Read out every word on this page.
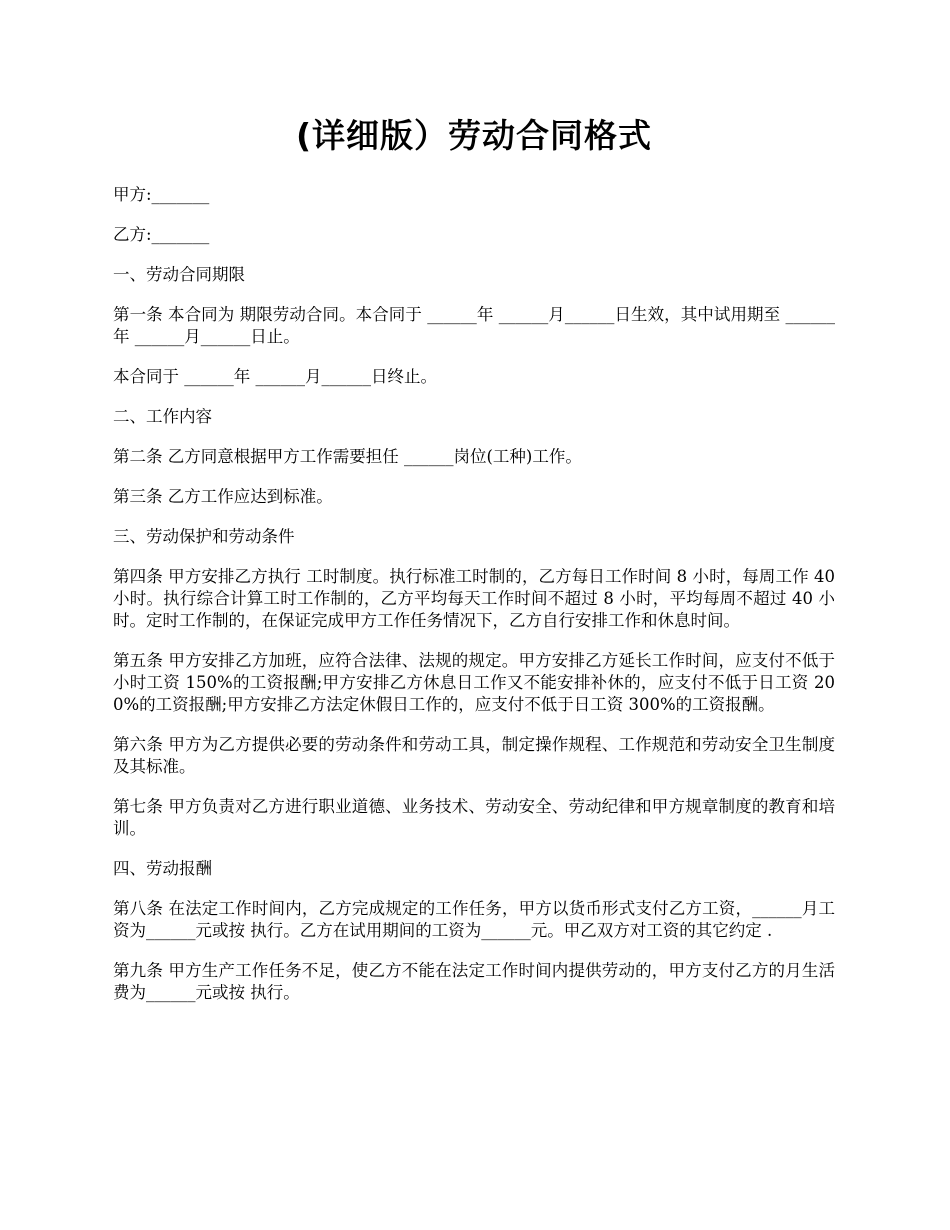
(详细版）劳动合同格式

甲方:_______

乙方:_______

一、劳动合同期限

第一条 本合同为 期限劳动合同。本合同于 ______年 ______月______日生效，其中试用期至 ______年 ______月______日止。

本合同于 ______年 ______月______日终止。

二、工作内容

第二条 乙方同意根据甲方工作需要担任 ______岗位(工种)工作。

第三条 乙方工作应达到标准。

三、劳动保护和劳动条件

第四条 甲方安排乙方执行 工时制度。执行标准工时制的，乙方每日工作时间 8 小时，每周工作 40 小时。执行综合计算工时工作制的，乙方平均每天工作时间不超过 8 小时，平均每周不超过 40 小时。定时工作制的，在保证完成甲方工作任务情况下，乙方自行安排工作和休息时间。

第五条 甲方安排乙方加班，应符合法律、法规的规定。甲方安排乙方延长工作时间，应支付不低于小时工资 150%的工资报酬;甲方安排乙方休息日工作又不能安排补休的，应支付不低于日工资 200%的工资报酬;甲方安排乙方法定休假日工作的，应支付不低于日工资 300%的工资报酬。

第六条 甲方为乙方提供必要的劳动条件和劳动工具，制定操作规程、工作规范和劳动安全卫生制度及其标准。

第七条 甲方负责对乙方进行职业道德、业务技术、劳动安全、劳动纪律和甲方规章制度的教育和培训。

四、劳动报酬

第八条 在法定工作时间内，乙方完成规定的工作任务，甲方以货币形式支付乙方工资，______月工资为______元或按 执行。乙方在试用期间的工资为______元。甲乙双方对工资的其它约定 .

第九条 甲方生产工作任务不足，使乙方不能在法定工作时间内提供劳动的，甲方支付乙方的月生活费为______元或按 执行。
